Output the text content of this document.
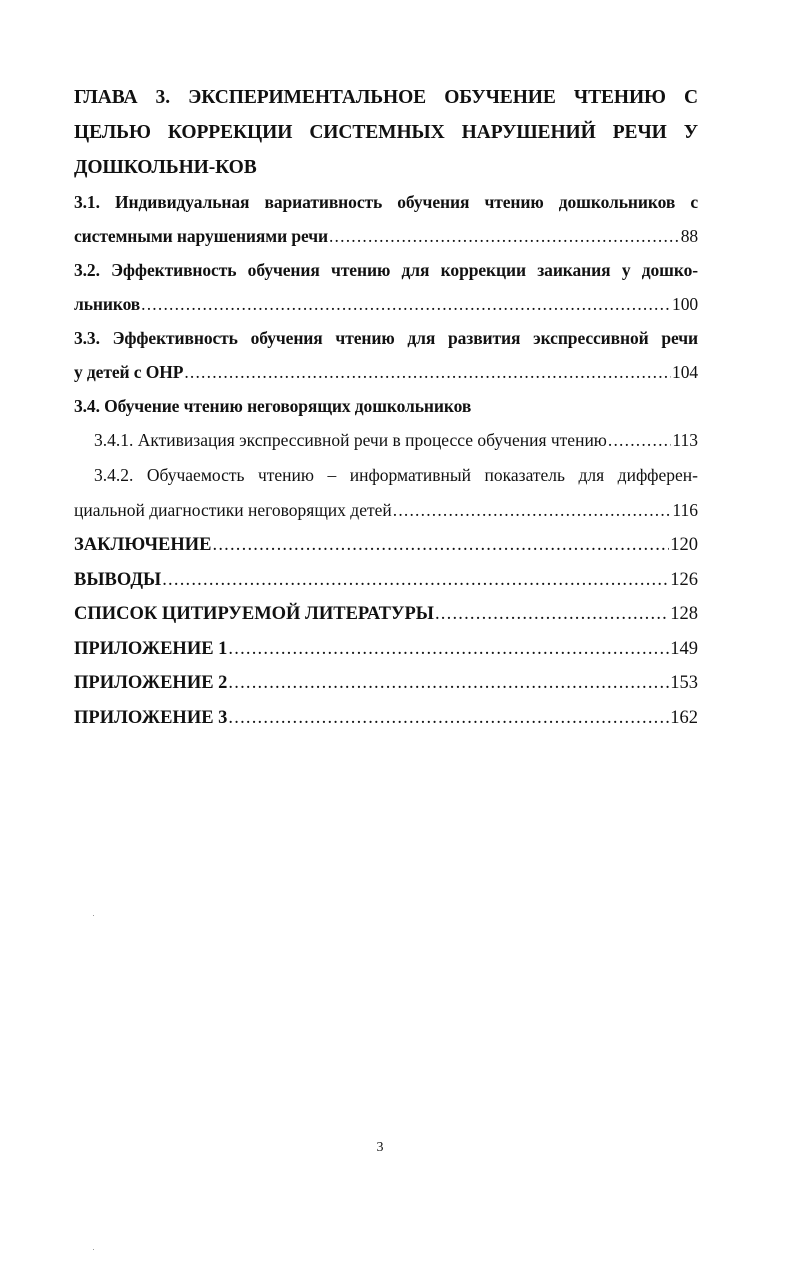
ГЛАВА 3. ЭКСПЕРИМЕНТАЛЬНОЕ ОБУЧЕНИЕ ЧТЕНИЮ С ЦЕЛЬЮ КОРРЕКЦИИ СИСТЕМНЫХ НАРУШЕНИЙ РЕЧИ У ДОШКОЛЬНИ-КОВ
3.1. Индивидуальная вариативность обучения чтению дошкольников с
системными нарушениями речи .....	88
3.2. Эффективность обучения чтению для коррекции заикания у дошко-
льников .....	100
3.3. Эффективность обучения чтению для развития экспрессивной речи
у детей с ОНР .....	104
3.4. Обучение чтению неговорящих дошкольников
3.4.1. Активизация экспрессивной речи в процессе обучения чтению .....	113
3.4.2. Обучаемость чтению – информативный показатель для дифферен-
циальной диагностики неговорящих детей .....	116
ЗАКЛЮЧЕНИЕ .....	120
ВЫВОДЫ .....	126
СПИСОК ЦИТИРУЕМОЙ ЛИТЕРАТУРЫ .....	128
ПРИЛОЖЕНИЕ 1 .....	149
ПРИЛОЖЕНИЕ 2 .....	153
ПРИЛОЖЕНИЕ 3 .....	162
3
